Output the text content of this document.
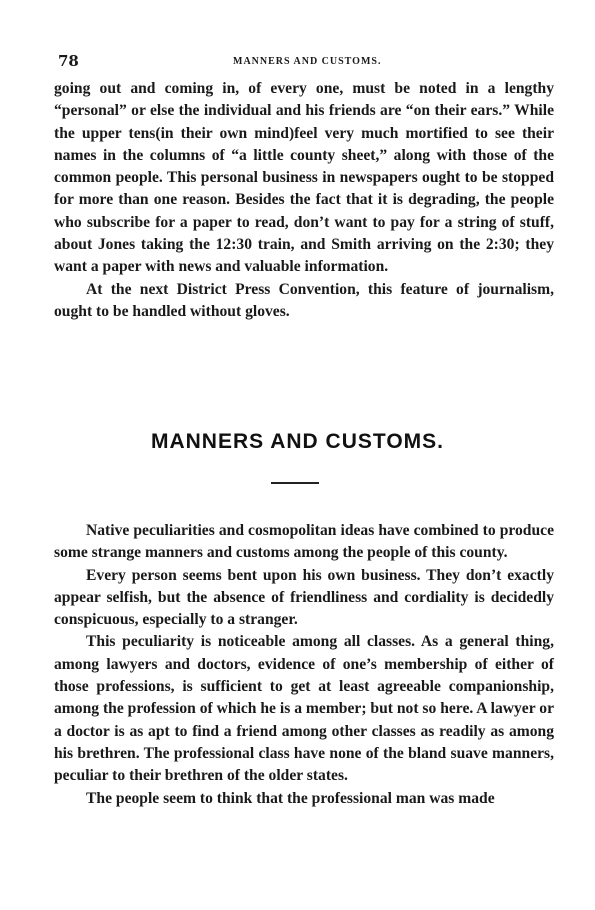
78	MANNERS AND CUSTOMS.

going out and coming in, of every one, must be noted in a lengthy “personal” or else the individual and his friends are “on their ears.” While the upper tens(in their own mind)feel very much mortified to see their names in the columns of “a little county sheet,” along with those of the common people. This personal business in newspapers ought to be stopped for more than one reason. Besides the fact that it is degrading, the people who subscribe for a paper to read, don’t want to pay for a string of stuff, about Jones taking the 12:30 train, and Smith arriving on the 2:30; they want a paper with news and valuable information.

At the next District Press Convention, this feature of journalism, ought to be handled without gloves.

MANNERS AND CUSTOMS.

Native peculiarities and cosmopolitan ideas have combined to produce some strange manners and customs among the people of this county.

Every person seems bent upon his own business. They don’t exactly appear selfish, but the absence of friendliness and cordiality is decidedly conspicuous, especially to a stranger.

This peculiarity is noticeable among all classes. As a general thing, among lawyers and doctors, evidence of one’s membership of either of those professions, is sufficient to get at least agreeable companionship, among the profession of which he is a member; but not so here. A lawyer or a doctor is as apt to find a friend among other classes as readily as among his brethren. The professional class have none of the bland suave manners, peculiar to their brethren of the older states.

The people seem to think that the professional man was made
